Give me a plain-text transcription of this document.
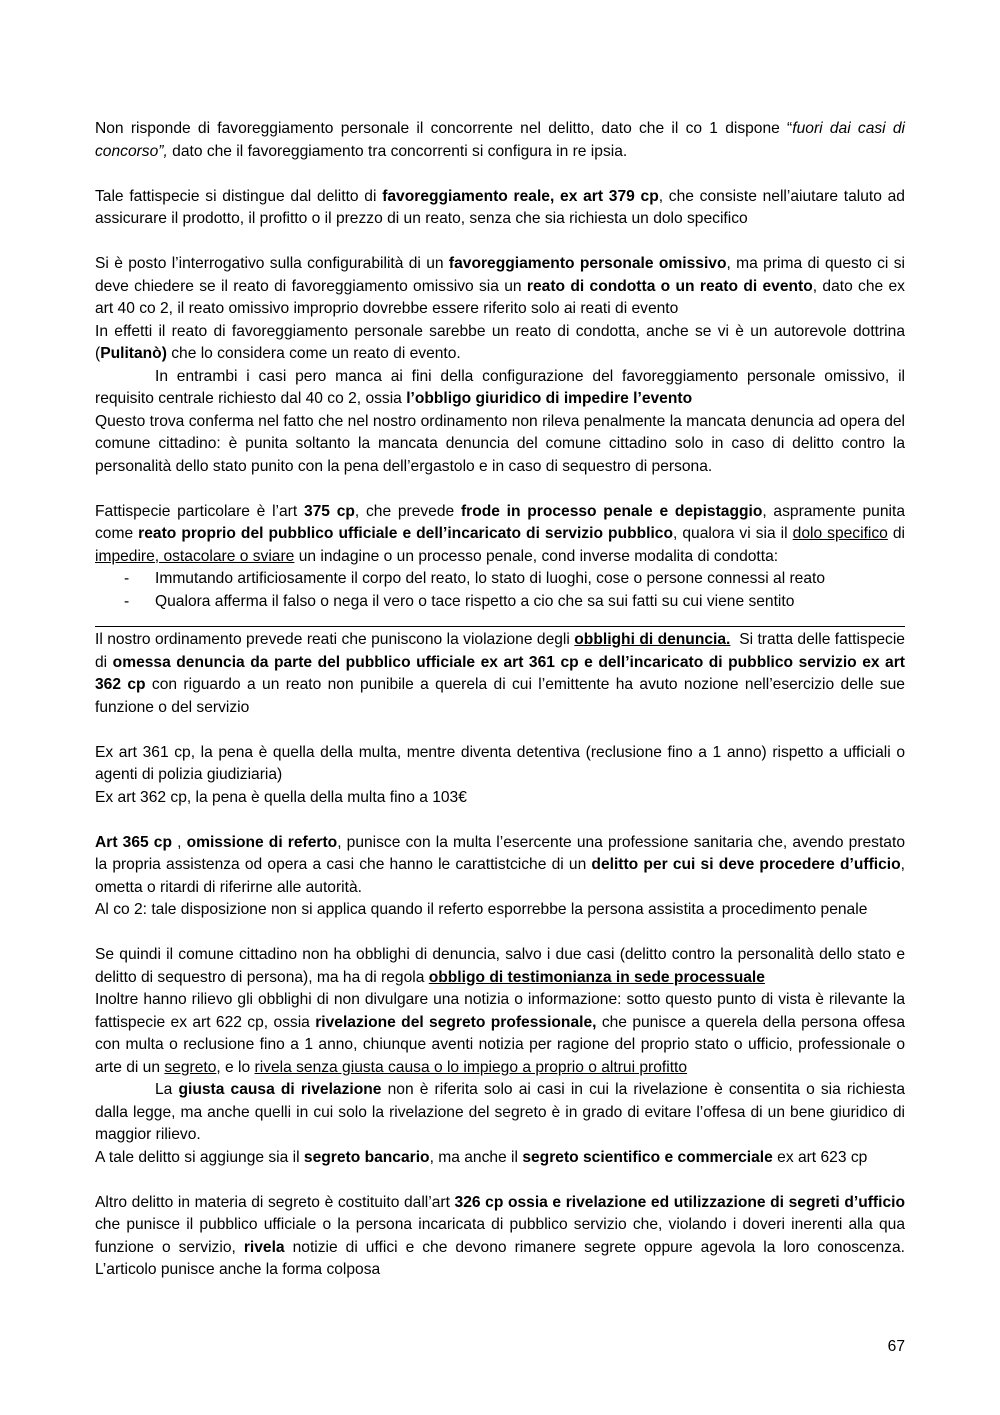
Non risponde di favoreggiamento personale il concorrente nel delitto, dato che il co 1 dispone “fuori dai casi di concorso”, dato che il favoreggiamento tra concorrenti si configura in re ipsia.

Tale fattispecie si distingue dal delitto di favoreggiamento reale, ex art 379 cp, che consiste nell’aiutare taluto ad assicurare il prodotto, il profitto o il prezzo di un reato, senza che sia richiesta un dolo specifico

Si è posto l’interrogativo sulla configurabilità di un favoreggiamento personale omissivo, ma prima di questo ci si deve chiedere se il reato di favoreggiamento omissivo sia un reato di condotta o un reato di evento, dato che ex art 40 co 2, il reato omissivo improprio dovrebbe essere riferito solo ai reati di evento

In effetti il reato di favoreggiamento personale sarebbe un reato di condotta, anche se vi è un autorevole dottrina (Pulitanò) che lo considera come un reato di evento.

In entrambi i casi pero manca ai fini della configurazione del favoreggiamento personale omissivo, il requisito centrale richiesto dal 40 co 2, ossia l’obbligo giuridico di impedire l’evento

Questo trova conferma nel fatto che nel nostro ordinamento non rileva penalmente la mancata denuncia ad opera del comune cittadino: è punita soltanto la mancata denuncia del comune cittadino solo in caso di delitto contro la personalità dello stato punito con la pena dell’ergastolo e in caso di sequestro di persona.

Fattispecie particolare è l’art 375 cp, che prevede frode in processo penale e depistaggio, aspramente punita come reato proprio del pubblico ufficiale e dell’incaricato di servizio pubblico, qualora vi sia il dolo specifico di impedire, ostacolare o sviare un indagine o un processo penale, cond inverse modalita di condotta:

- Immutando artificiosamente il corpo del reato, lo stato di luoghi, cose o persone connessi al reato
- Qualora afferma il falso o nega il vero o tace rispetto a cio che sa sui fatti su cui viene sentito

Il nostro ordinamento prevede reati che puniscono la violazione degli obblighi di denuncia.  Si tratta delle fattispecie di omessa denuncia da parte del pubblico ufficiale ex art 361 cp e dell’incaricato di pubblico servizio ex art 362 cp con riguardo a un reato non punibile a querela di cui l’emittente ha avuto nozione nell’esercizio delle sue funzione o del servizio

Ex art 361 cp, la pena è quella della multa, mentre diventa detentiva (reclusione fino a 1 anno) rispetto a ufficiali o agenti di polizia giudiziaria)

Ex art 362 cp, la pena è quella della multa fino a 103€

Art 365 cp , omissione di referto, punisce con la multa l’esercente una professione sanitaria che, avendo prestato la propria assistenza od opera a casi che hanno le carattistciche di un delitto per cui si deve procedere d’ufficio, ometta o ritardi di riferirne alle autorità.

Al co 2: tale disposizione non si applica quando il referto esporrebbe la persona assistita a procedimento penale

Se quindi il comune cittadino non ha obblighi di denuncia, salvo i due casi (delitto contro la personalità dello stato e delitto di sequestro di persona), ma ha di regola obbligo di testimonianza in sede processuale

Inoltre hanno rilievo gli obblighi di non divulgare una notizia o informazione: sotto questo punto di vista è rilevante la fattispecie ex art 622 cp, ossia rivelazione del segreto professionale, che punisce a querela della persona offesa con multa o reclusione fino a 1 anno, chiunque aventi notizia per ragione del proprio stato o ufficio, professionale o arte di un segreto, e lo rivela senza giusta causa o lo impiego a proprio o altrui profitto

La giusta causa di rivelazione non è riferita solo ai casi in cui la rivelazione è consentita o sia richiesta dalla legge, ma anche quelli in cui solo la rivelazione del segreto è in grado di evitare l’offesa di un bene giuridico di maggior rilievo.

A tale delitto si aggiunge sia il segreto bancario, ma anche il segreto scientifico e commerciale ex art 623 cp

Altro delitto in materia di segreto è costituito dall’art 326 cp ossia e rivelazione ed utilizzazione di segreti d’ufficio che punisce il pubblico ufficiale o la persona incaricata di pubblico servizio che, violando i doveri inerenti alla qua funzione o servizio, rivela notizie di uffici e che devono rimanere segrete oppure agevola la loro conoscenza. L’articolo punisce anche la forma colposa

67
